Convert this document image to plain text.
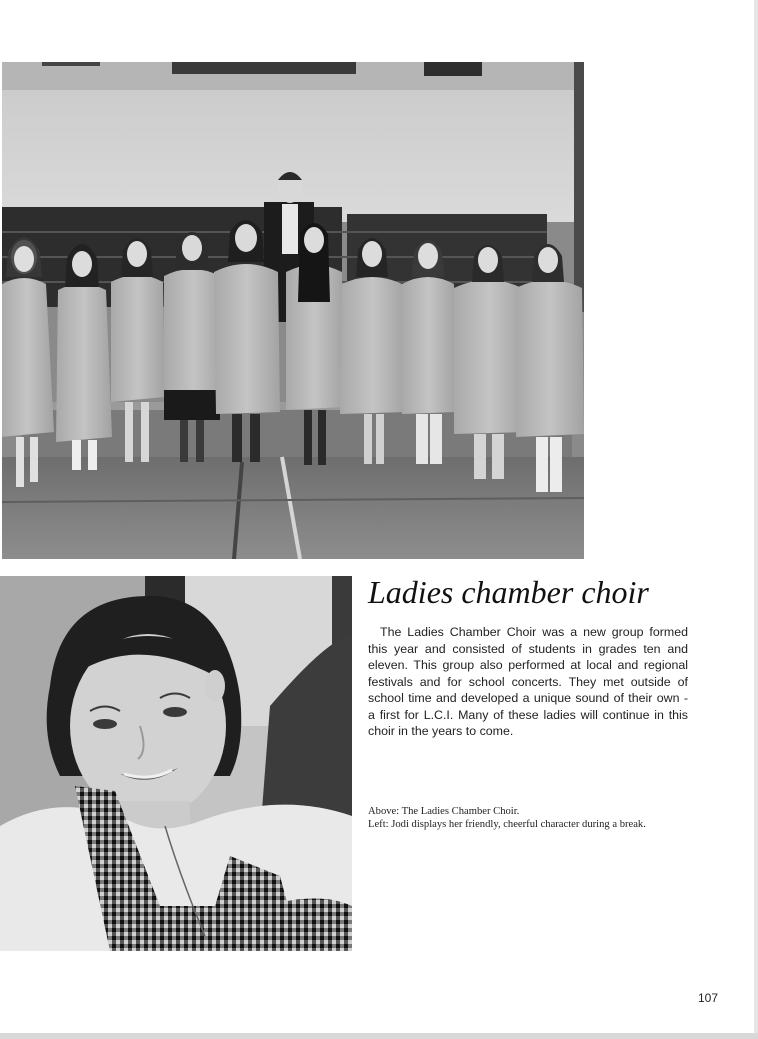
Ladies chamber choir
The Ladies Chamber Choir was a new group formed this year and consisted of students in grades ten and eleven. This group also performed at local and regional festivals and for school concerts. They met outside of school time and developed a unique sound of their own - a first for L.C.I. Many of these ladies will continue in this choir in the years to come.
Above: The Ladies Chamber Choir.
Left: Jodi displays her friendly, cheerful character during a break.
107
